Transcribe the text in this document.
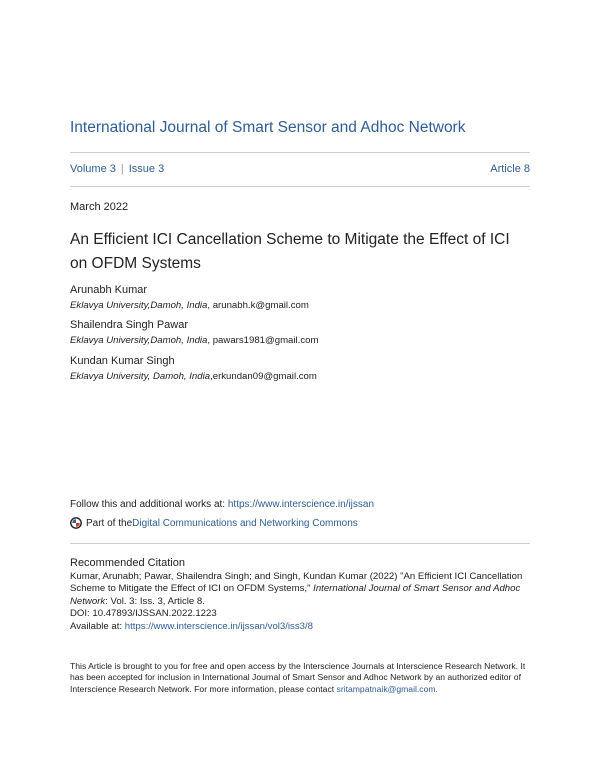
International Journal of Smart Sensor and Adhoc Network
Volume 3 | Issue 3	Article 8
March 2022
An Efficient ICI Cancellation Scheme to Mitigate the Effect of ICI
on OFDM Systems
Arunabh Kumar
Eklavya University,Damoh, India, arunabh.k@gmail.com
Shailendra Singh Pawar
Eklavya University,Damoh, India, pawars1981@gmail.com
Kundan Kumar Singh
Eklavya University, Damoh, India,erkundan09@gmail.com
Follow this and additional works at: https://www.interscience.in/ijssan
Part of the Digital Communications and Networking Commons
Recommended Citation
Kumar, Arunabh; Pawar, Shailendra Singh; and Singh, Kundan Kumar (2022) "An Efficient ICI Cancellation Scheme to Mitigate the Effect of ICI on OFDM Systems," International Journal of Smart Sensor and Adhoc Network: Vol. 3: Iss. 3, Article 8.
DOI: 10.47893/IJSSAN.2022.1223
Available at: https://www.interscience.in/ijssan/vol3/iss3/8
This Article is brought to you for free and open access by the Interscience Journals at Interscience Research Network. It has been accepted for inclusion in International Journal of Smart Sensor and Adhoc Network by an authorized editor of Interscience Research Network. For more information, please contact sritampatnaik@gmail.com.
